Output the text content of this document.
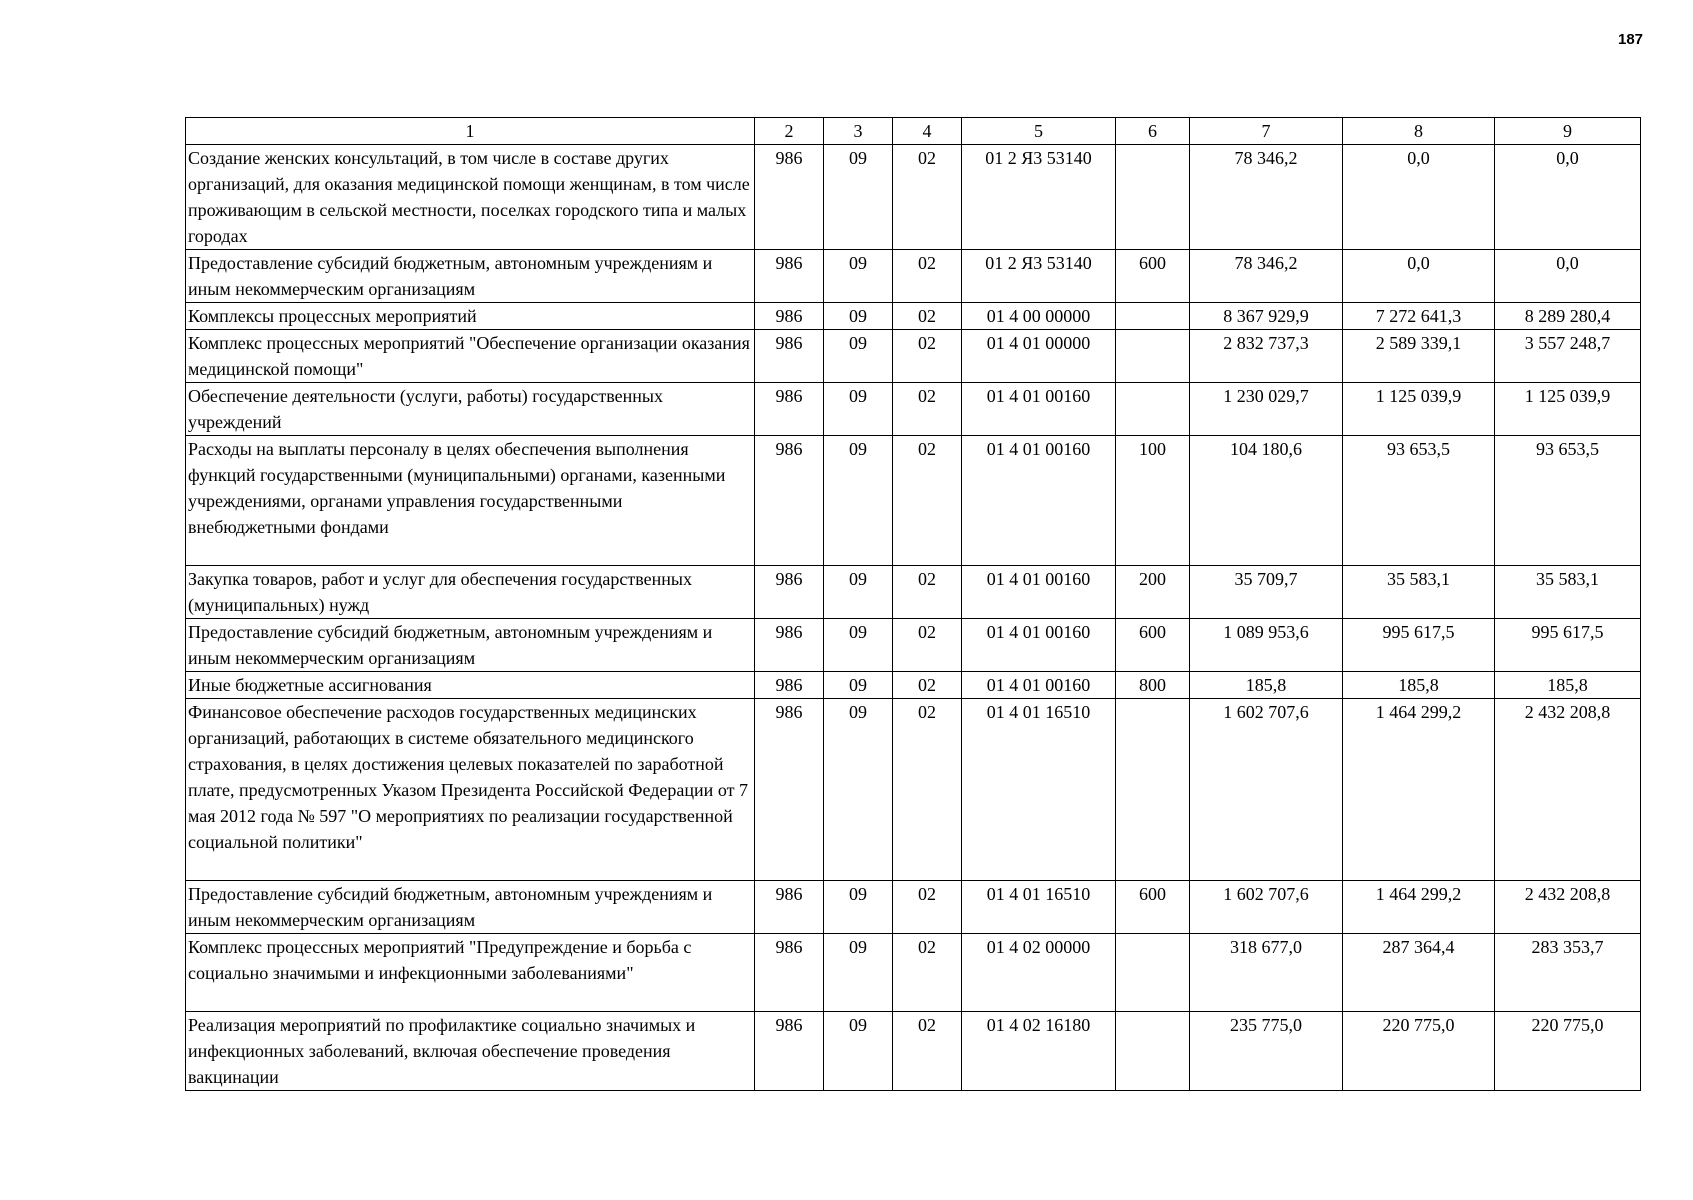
187
1	2	3	4	5	6	7	8	9
Создание женских консультаций, в том числе в составе других организаций, для оказания медицинской помощи женщинам, в том числе проживающим в сельской местности, поселках городского типа и малых городах	986	09	02	01 2 Я3 53140		78 346,2	0,0	0,0
Предоставление субсидий бюджетным, автономным учреждениям и иным некоммерческим организациям	986	09	02	01 2 Я3 53140	600	78 346,2	0,0	0,0
Комплексы процессных мероприятий	986	09	02	01 4 00 00000		8 367 929,9	7 272 641,3	8 289 280,4
Комплекс процессных мероприятий "Обеспечение организации оказания медицинской помощи"	986	09	02	01 4 01 00000		2 832 737,3	2 589 339,1	3 557 248,7
Обеспечение деятельности (услуги, работы) государственных учреждений	986	09	02	01 4 01 00160		1 230 029,7	1 125 039,9	1 125 039,9
Расходы на выплаты персоналу в целях обеспечения выполнения функций государственными (муниципальными) органами, казенными учреждениями, органами управления государственными внебюджетными фондами	986	09	02	01 4 01 00160	100	104 180,6	93 653,5	93 653,5
Закупка товаров, работ и услуг для обеспечения государственных (муниципальных) нужд	986	09	02	01 4 01 00160	200	35 709,7	35 583,1	35 583,1
Предоставление субсидий бюджетным, автономным учреждениям и иным некоммерческим организациям	986	09	02	01 4 01 00160	600	1 089 953,6	995 617,5	995 617,5
Иные бюджетные ассигнования	986	09	02	01 4 01 00160	800	185,8	185,8	185,8
Финансовое обеспечение расходов государственных медицинских организаций, работающих в системе обязательного медицинского страхования, в целях достижения целевых показателей по заработной плате, предусмотренных Указом Президента Российской Федерации от 7 мая 2012 года № 597 "О мероприятиях по реализации государственной социальной политики"	986	09	02	01 4 01 16510		1 602 707,6	1 464 299,2	2 432 208,8
Предоставление субсидий бюджетным, автономным учреждениям и иным некоммерческим организациям	986	09	02	01 4 01 16510	600	1 602 707,6	1 464 299,2	2 432 208,8
Комплекс процессных мероприятий "Предупреждение и борьба с социально значимыми и инфекционными заболеваниями"	986	09	02	01 4 02 00000		318 677,0	287 364,4	283 353,7
Реализация мероприятий по профилактике социально значимых и инфекционных заболеваний, включая обеспечение проведения вакцинации	986	09	02	01 4 02 16180		235 775,0	220 775,0	220 775,0
